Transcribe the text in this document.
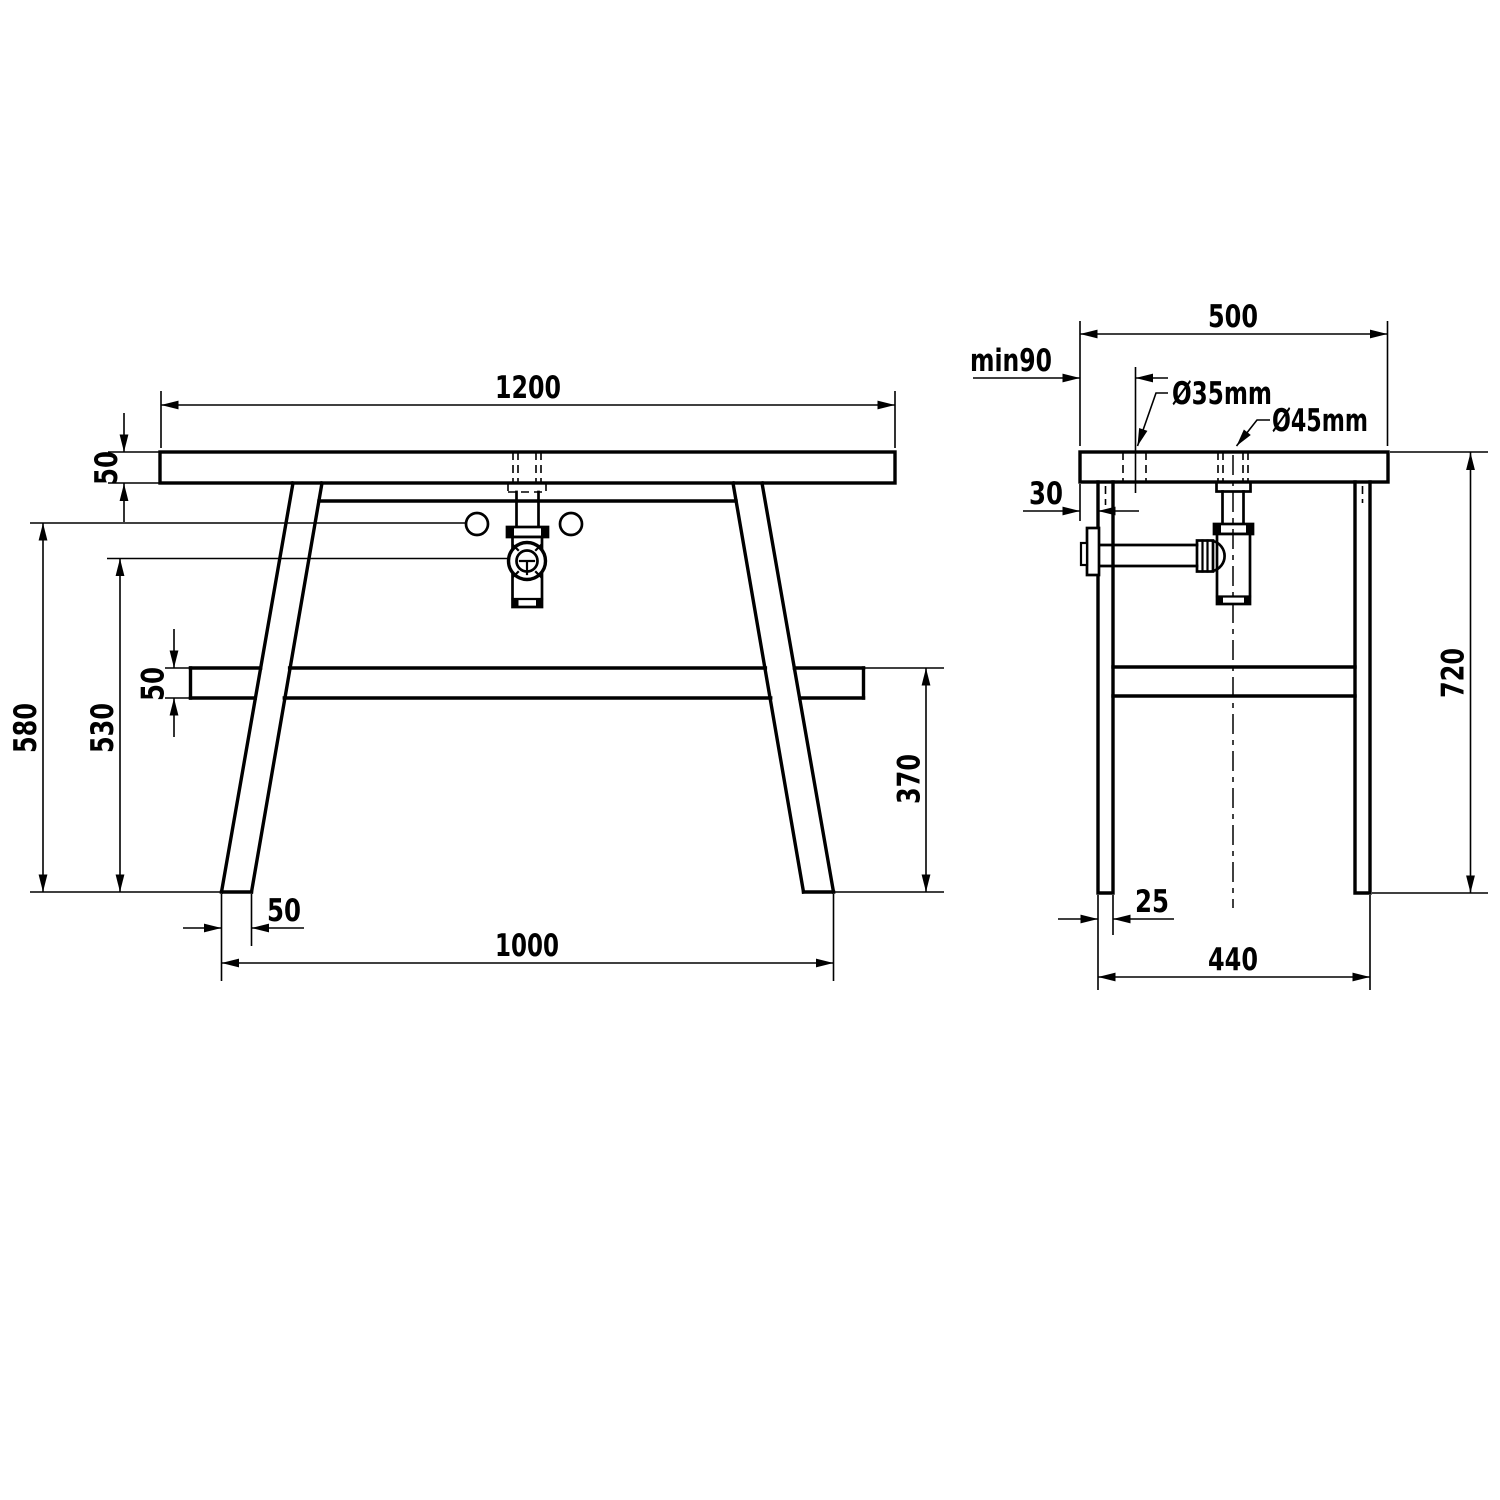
1200
50
580 530
50
370
50
1000
500
min90
Ø35mm
Ø45mm
30
720
25
440
